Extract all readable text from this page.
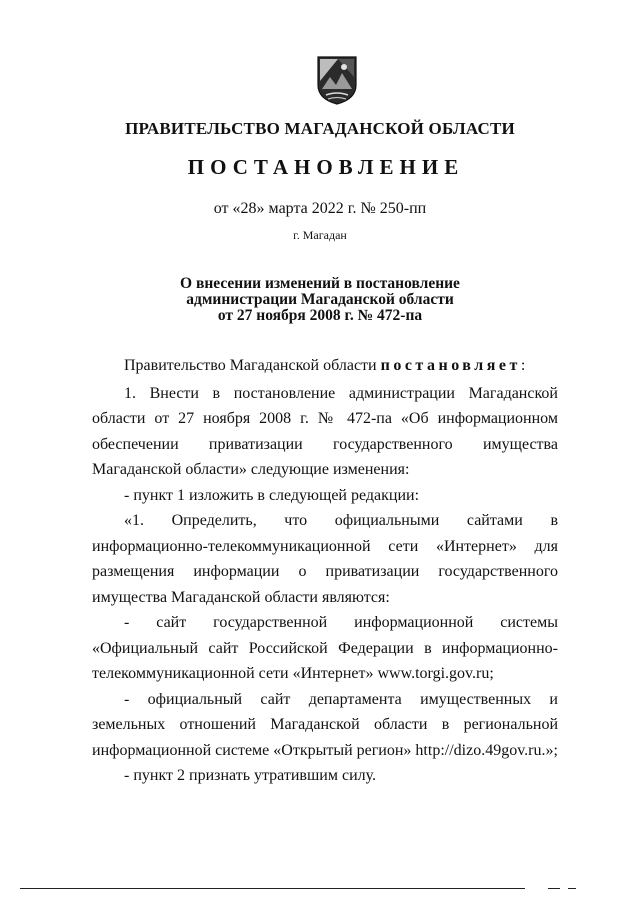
ПРАВИТЕЛЬСТВО МАГАДАНСКОЙ ОБЛАСТИ
ПОСТАНОВЛЕНИЕ
от «28» марта 2022 г. № 250-пп
г. Магадан
О внесении изменений в постановление
администрации Магаданской области
от 27 ноября 2008 г. № 472-па

Правительство Магаданской области постановляет:

1. Внести в постановление администрации Магаданской области от 27 ноября 2008 г. № 472-па «Об информационном обеспечении приватизации государственного имущества Магаданской области» следующие изменения:

- пункт 1 изложить в следующей редакции:

«1. Определить, что официальными сайтами в информационно-телекоммуникационной сети «Интернет» для размещения информации о приватизации государственного имущества Магаданской области являются:

- сайт государственной информационной системы «Официальный сайт Российской Федерации в информационно-телекоммуникационной сети «Интернет» www.torgi.gov.ru;

- официальный сайт департамента имущественных и земельных отношений Магаданской области в региональной информационной системе «Открытый регион» http://dizo.49gov.ru.»;

- пункт 2 признать утратившим силу.
